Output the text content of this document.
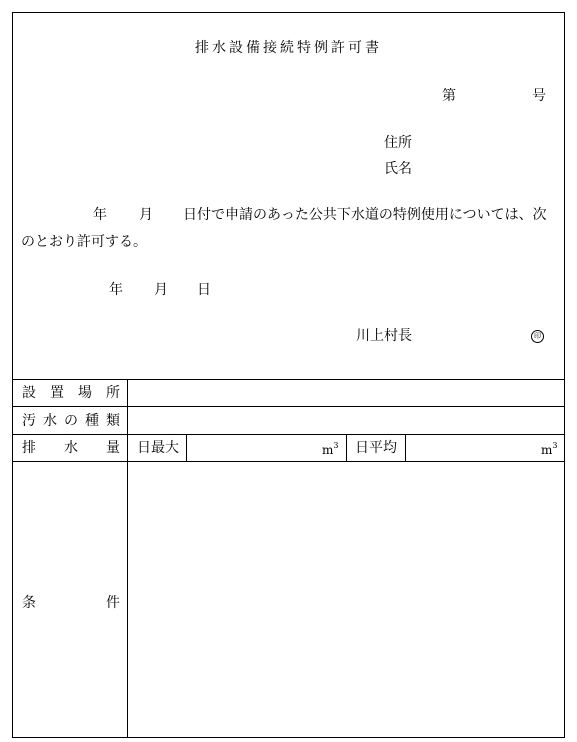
排水設備接続特例許可書
第	号
住所
氏名
年 月 日付で申請のあった公共下水道の特例使用については、次
のとおり許可する。
年 月 日
川上村長	印
設 置 場 所
汚 水 の 種 類
排 水 量 日最大	$m^3$ 日平均	$m^3$
条	件
